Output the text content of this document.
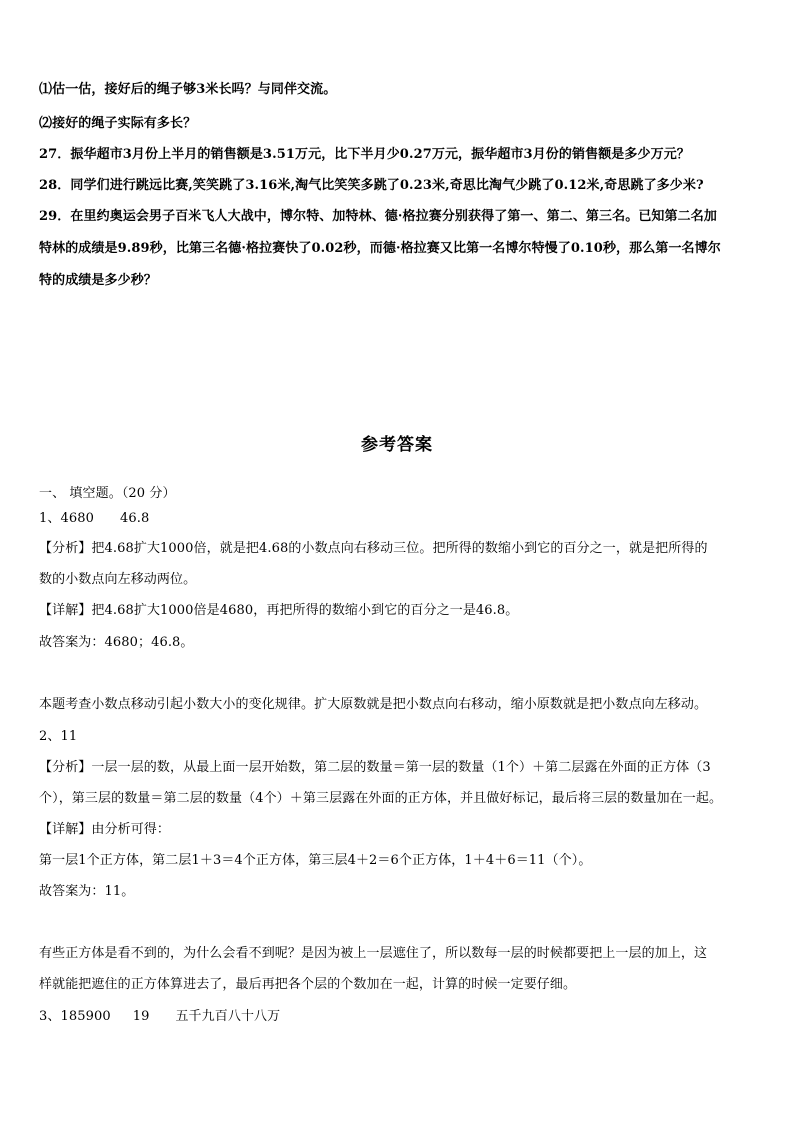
⑴估一估，接好后的绳子够3米长吗？与同伴交流。
⑵接好的绳子实际有多长？
27．振华超市3月份上半月的销售额是3.51万元，比下半月少0.27万元，振华超市3月份的销售额是多少万元？
28．同学们进行跳远比赛,笑笑跳了3.16米,淘气比笑笑多跳了0.23米,奇思比淘气少跳了0.12米,奇思跳了多少米?
29．在里约奥运会男子百米飞人大战中，博尔特、加特林、德·格拉赛分别获得了第一、第二、第三名。已知第二名加
特林的成绩是9.89秒，比第三名德·格拉赛快了0.02秒，而德·格拉赛又比第一名博尔特慢了0.10秒，那么第一名博尔
特的成绩是多少秒？
参考答案
一、 填空题。（20 分）
1、4680 46.8
【分析】把4.68扩大1000倍，就是把4.68的小数点向右移动三位。把所得的数缩小到它的百分之一，就是把所得的
数的小数点向左移动两位。
【详解】把4.68扩大1000倍是4680，再把所得的数缩小到它的百分之一是46.8。
故答案为：4680；46.8。
本题考查小数点移动引起小数大小的变化规律。扩大原数就是把小数点向右移动，缩小原数就是把小数点向左移动。
2、11
【分析】一层一层的数，从最上面一层开始数，第二层的数量＝第一层的数量（1个）＋第二层露在外面的正方体（3
个），第三层的数量＝第二层的数量（4个）＋第三层露在外面的正方体，并且做好标记，最后将三层的数量加在一起。
【详解】由分析可得：
第一层1个正方体，第二层1＋3＝4个正方体，第三层4＋2＝6个正方体，1＋4＋6＝11（个）。
故答案为：11。
有些正方体是看不到的，为什么会看不到呢？是因为被上一层遮住了，所以数每一层的时候都要把上一层的加上，这
样就能把遮住的正方体算进去了，最后再把各个层的个数加在一起，计算的时候一定要仔细。
3、185900 19 五千九百八十八万
